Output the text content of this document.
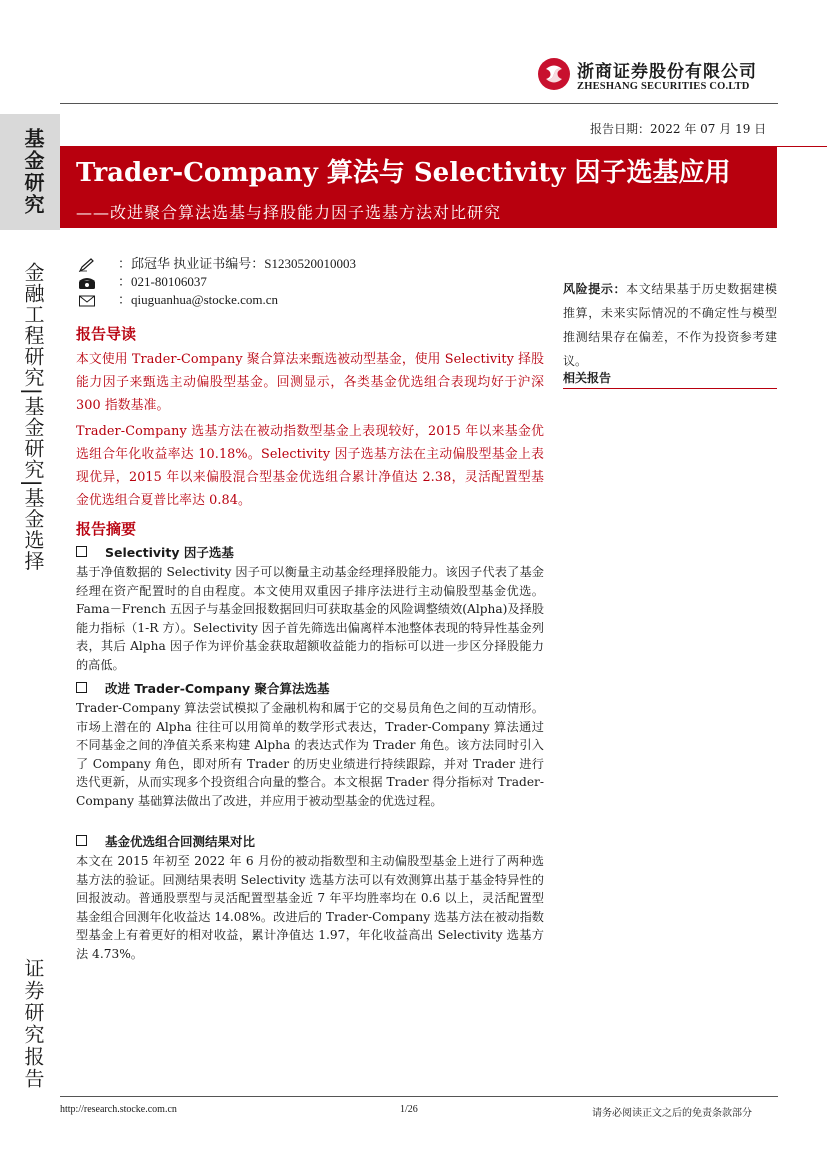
浙商证券股份有限公司
ZHESHANG SECURITIES CO.LTD
基金研究
金融工程研究|基金研究|基金选择
证券研究报告
报告日期：2022 年 07 月 19 日
Trader-Company 算法与 Selectivity 因子选基应用
——改进聚合算法选基与择股能力因子选基方法对比研究
：邱冠华 执业证书编号：S1230520010003
：021-80106037
：qiuguanhua@stocke.com.cn
报告导读
本文使用 Trader-Company 聚合算法来甄选被动型基金，使用 Selectivity 择股能力因子来甄选主动偏股型基金。回测显示，各类基金优选组合表现均好于沪深 300 指数基准。
Trader-Company 选基方法在被动指数型基金上表现较好，2015 年以来基金优选组合年化收益率达 10.18%。Selectivity 因子选基方法在主动偏股型基金上表现优异，2015 年以来偏股混合型基金优选组合累计净值达 2.38，灵活配置型基金优选组合夏普比率达 0.84。
报告摘要
Selectivity 因子选基
基于净值数据的 Selectivity 因子可以衡量主动基金经理择股能力。该因子代表了基金经理在资产配置时的自由程度。本文使用双重因子排序法进行主动偏股型基金优选。Fama－French 五因子与基金回报数据回归可获取基金的风险调整绩效(Alpha)及择股能力指标（1-R 方）。Selectivity 因子首先筛选出偏离样本池整体表现的特异性基金列表，其后 Alpha 因子作为评价基金获取超额收益能力的指标可以进一步区分择股能力的高低。
改进 Trader-Company 聚合算法选基
Trader-Company 算法尝试模拟了金融机构和属于它的交易员角色之间的互动情形。市场上潜在的 Alpha 往往可以用简单的数学形式表达，Trader-Company 算法通过不同基金之间的净值关系来构建 Alpha 的表达式作为 Trader 角色。该方法同时引入了 Company 角色，即对所有 Trader 的历史业绩进行持续跟踪，并对 Trader 进行迭代更新，从而实现多个投资组合向量的整合。本文根据 Trader 得分指标对 Trader-Company 基础算法做出了改进，并应用于被动型基金的优选过程。
基金优选组合回测结果对比
本文在 2015 年初至 2022 年 6 月份的被动指数型和主动偏股型基金上进行了两种选基方法的验证。回测结果表明 Selectivity 选基方法可以有效测算出基于基金特异性的回报波动。普通股票型与灵活配置型基金近 7 年平均胜率均在 0.6 以上，灵活配置型基金组合回测年化收益达 14.08%。改进后的 Trader-Company 选基方法在被动指数型基金上有着更好的相对收益，累计净值达 1.97，年化收益高出 Selectivity 选基方法 4.73%。
风险提示：本文结果基于历史数据建模推算，未来实际情况的不确定性与模型推测结果存在偏差，不作为投资参考建议。
相关报告
http://research.stocke.com.cn	1/26	请务必阅读正文之后的免责条款部分
